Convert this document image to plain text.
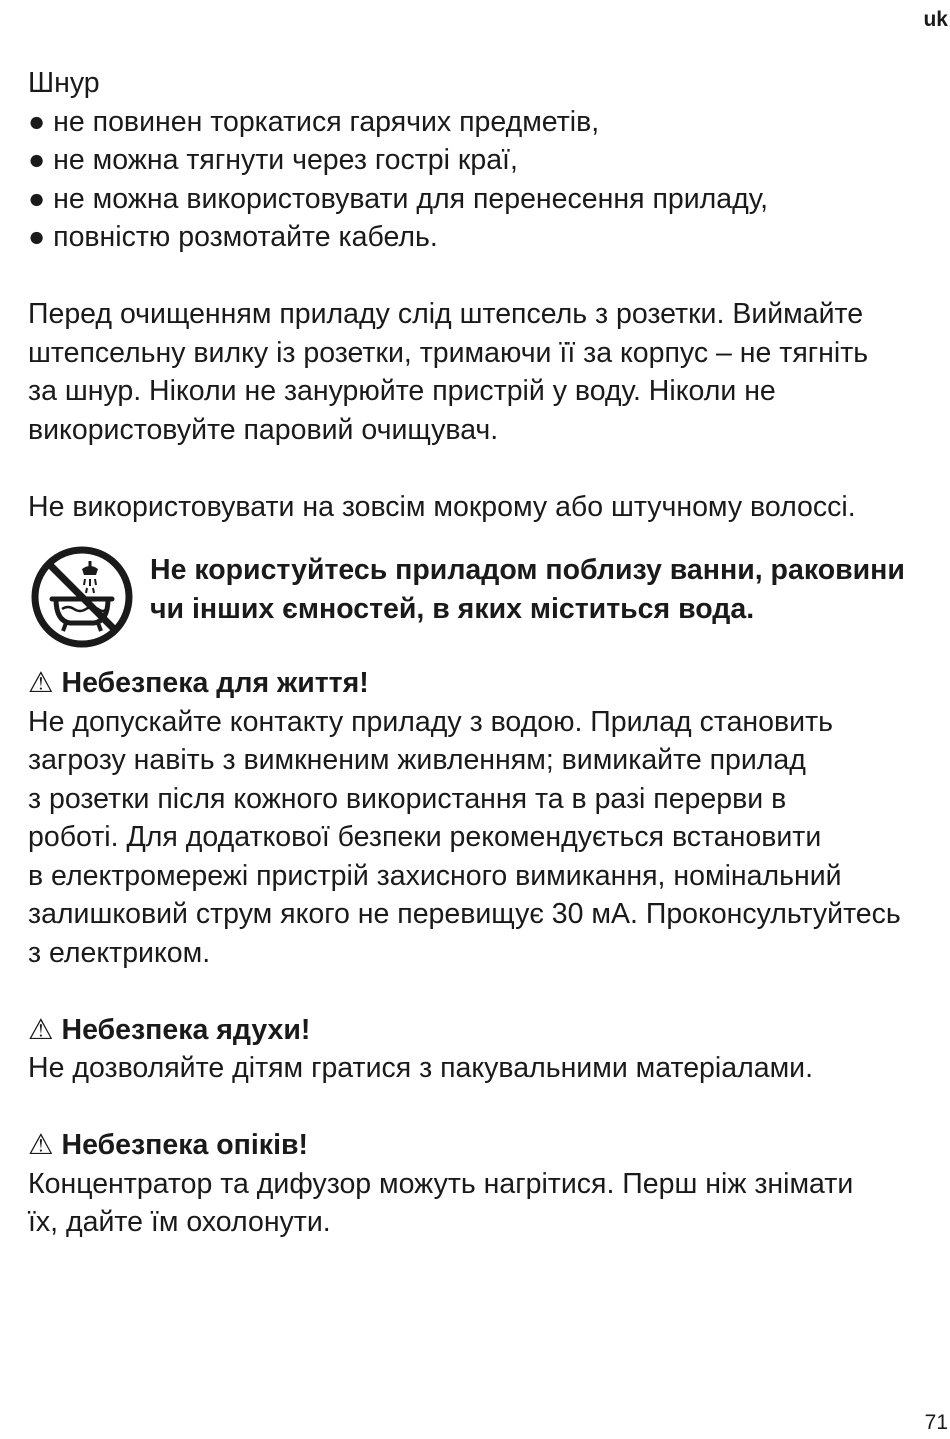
uk

Шнур

● не повинен торкатися гарячих предметів,

● не можна тягнути через гострі краї,

● не можна використовувати для перенесення приладу,

● повністю розмотайте кабель.

Перед очищенням приладу слід штепсель з розетки. Виймайте

штепсельну вилку із розетки, тримаючи її за корпус – не тягніть

за шнур. Ніколи не занурюйте пристрій у воду. Ніколи не

використовуйте паровий очищувач.

Не використовувати на зовсім мокрому або штучному волоссі.

Не користуйтесь приладом поблизу ванни, раковини

чи інших ємностей, в яких міститься вода.

⚠ Небезпека для життя!

Не допускайте контакту приладу з водою. Прилад становить

загрозу навіть з вимкненим живленням; вимикайте прилад

з розетки після кожного використання та в разі перерви в

роботі. Для додаткової безпеки рекомендується встановити

в електромережі пристрій захисного вимикання, номінальний

залишковий струм якого не перевищує 30 мА. Проконсультуйтесь

з електриком.

⚠ Небезпека ядухи!

Не дозволяйте дітям гратися з пакувальними матеріалами.

⚠ Небезпека опіків!

Концентратор та дифузор можуть нагрітися. Перш ніж знімати

їх, дайте їм охолонути.

71
